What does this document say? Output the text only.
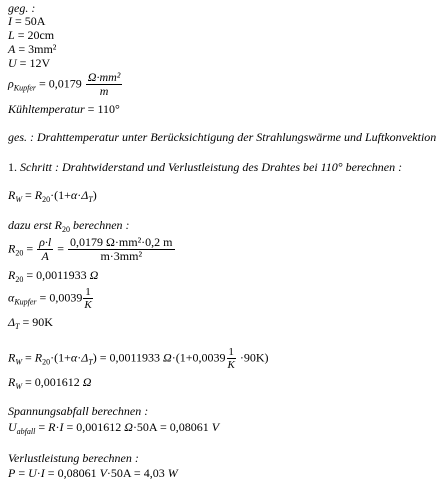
geg. :
I = 50A
L = 20cm
A = 3mm²
U = 12V
$\rho_{Kupfer} = 0,0179 \frac{\text{Ω·mm²}}{m}$
Kühltemperatur = 110°
ges. : Drahttemperatur unter Berücksichtigung der Strahlungswärme und Luftkonvektion
1. Schritt : Drahtwiderstand und Verlustleistung des Drahtes bei 110° berechnen :
$R_W = R_{20}\cdot(1+\alpha\cdot\Delta_T)$
dazu erst $R_{20}$ berechnen :
$R_{20} = \frac{\rho\cdot l}{A} = \frac{\text{0,0179 Ω·mm²·0,2 m}}{\text{m·3mm²}}$
$R_{20} = 0,0011933$ Ω
$\alpha_{Kupfer} = 0,0039 \frac{1}{K}$
$\Delta_T = 90K$
$R_W = R_{20}\cdot(1+\alpha\cdot\Delta_T) = 0,0011933$ $\Omega\cdot(1+0,0039 \frac{1}{K} \cdot 90K)$
$R_W = 0,001612$ Ω
Spannungsabfall berechnen :
$U_{abfall} = R\cdot I = 0,001612$ Ω·50A = 0,08061 V
Verlustleistung berechnen :
P = U·I = 0,08061 V·50A = 4,03 W
